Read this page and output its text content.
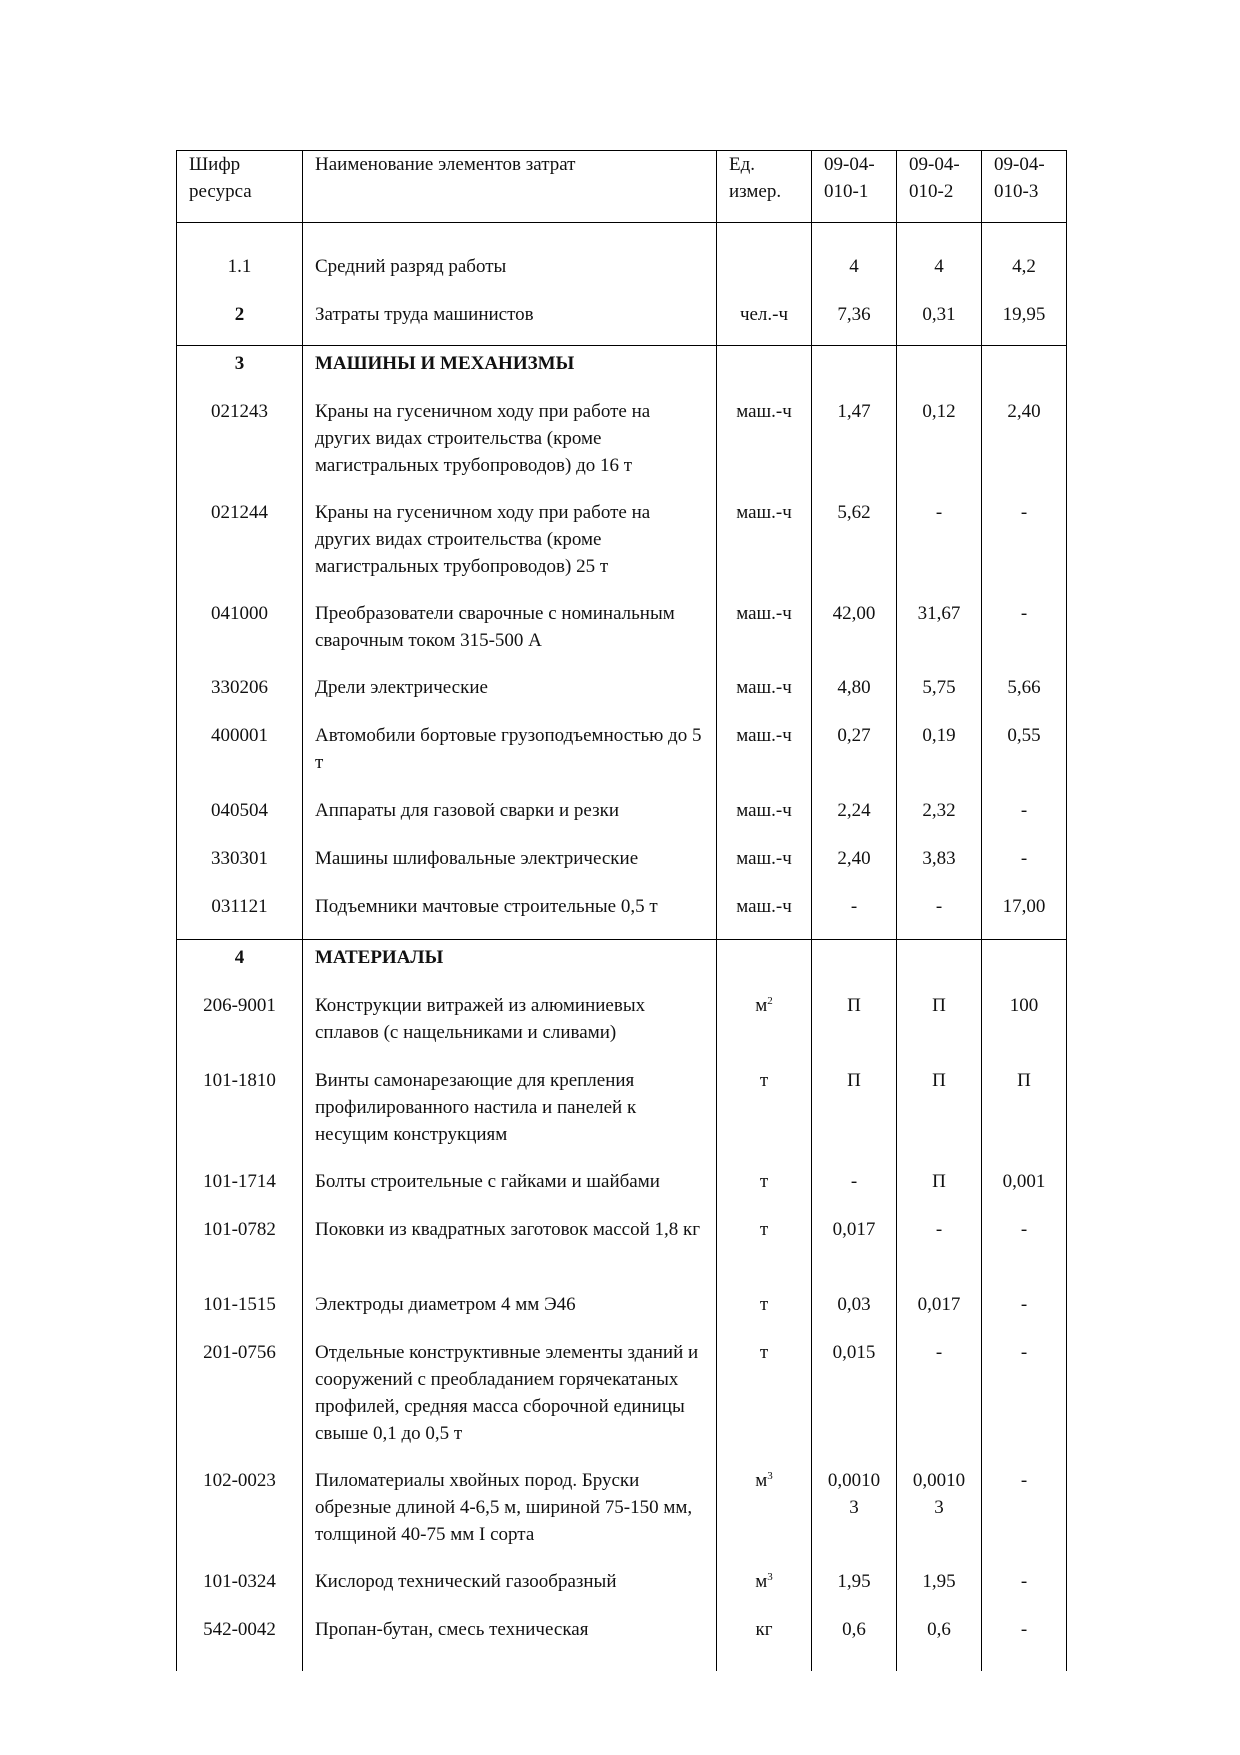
Шифр ресурса	Наименование элементов затрат	Ед. измер.	09-04-010-1	09-04-010-2	09-04-010-3

1.1	Средний разряд работы		4	4	4,2
2	Затраты труда машинистов	чел.-ч	7,36	0,31	19,95
3	МАШИНЫ И МЕХАНИЗМЫ				
021243	Краны на гусеничном ходу при работе на других видах строительства (кроме магистральных трубопроводов) до 16 т	маш.-ч	1,47	0,12	2,40
021244	Краны на гусеничном ходу при работе на других видах строительства (кроме магистральных трубопроводов) 25 т	маш.-ч	5,62	-	-
041000	Преобразователи сварочные с номинальным сварочным током 315-500 А	маш.-ч	42,00	31,67	-
330206	Дрели электрические	маш.-ч	4,80	5,75	5,66
400001	Автомобили бортовые грузоподъемностью до 5 т	маш.-ч	0,27	0,19	0,55
040504	Аппараты для газовой сварки и резки	маш.-ч	2,24	2,32	-
330301	Машины шлифовальные электрические	маш.-ч	2,40	3,83	-
031121	Подъемники мачтовые строительные 0,5 т	маш.-ч	-	-	17,00
4	МАТЕРИАЛЫ				
206-9001	Конструкции витражей из алюминиевых сплавов (с нащельниками и сливами)	$м^2$	П	П	100
101-1810	Винты самонарезающие для крепления профилированного настила и панелей к несущим конструкциям	т	П	П	П
101-1714	Болты строительные с гайками и шайбами	т	-	П	0,001
101-0782	Поковки из квадратных заготовок массой 1,8 кг	т	0,017	-	-
101-1515	Электроды диаметром 4 мм Э46	т	0,03	0,017	-
201-0756	Отдельные конструктивные элементы зданий и сооружений с преобладанием горячекатаных профилей, средняя масса сборочной единицы свыше 0,1 до 0,5 т	т	0,015	-	-
102-0023	Пиломатериалы хвойных пород. Бруски обрезные длиной 4-6,5 м, шириной 75-150 мм, толщиной 40-75 мм I сорта	$м^3$	0,00103	0,00103	-
101-0324	Кислород технический газообразный	$м^3$	1,95	1,95	-
542-0042	Пропан-бутан, смесь техническая	кг	0,6	0,6	-
